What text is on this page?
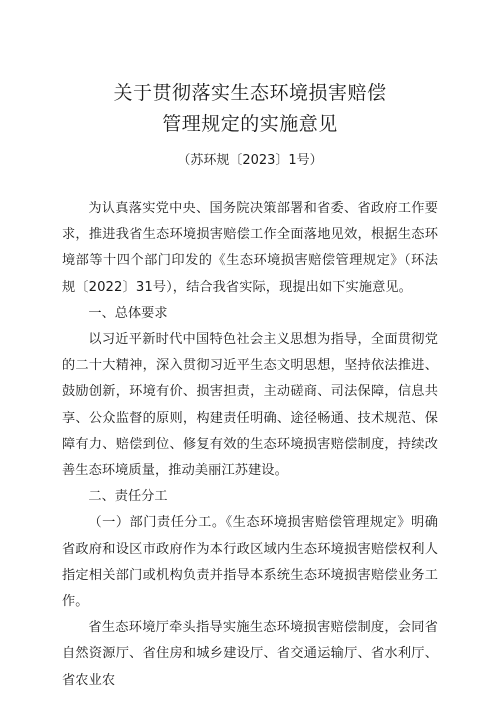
关于贯彻落实生态环境损害赔偿
管理规定的实施意见

（苏环规〔2023〕1号）

为认真落实党中央、国务院决策部署和省委、省政府工作要求，推进我省生态环境损害赔偿工作全面落地见效，根据生态环境部等十四个部门印发的《生态环境损害赔偿管理规定》（环法规〔2022〕31号），结合我省实际，现提出如下实施意见。

一、总体要求

以习近平新时代中国特色社会主义思想为指导，全面贯彻党的二十大精神，深入贯彻习近平生态文明思想，坚持依法推进、鼓励创新，环境有价、损害担责，主动磋商、司法保障，信息共享、公众监督的原则，构建责任明确、途径畅通、技术规范、保障有力、赔偿到位、修复有效的生态环境损害赔偿制度，持续改善生态环境质量，推动美丽江苏建设。

二、责任分工

（一）部门责任分工。《生态环境损害赔偿管理规定》明确省政府和设区市政府作为本行政区域内生态环境损害赔偿权利人指定相关部门或机构负责并指导本系统生态环境损害赔偿业务工作。

省生态环境厅牵头指导实施生态环境损害赔偿制度，会同省自然资源厅、省住房和城乡建设厅、省交通运输厅、省水利厅、省农业农
